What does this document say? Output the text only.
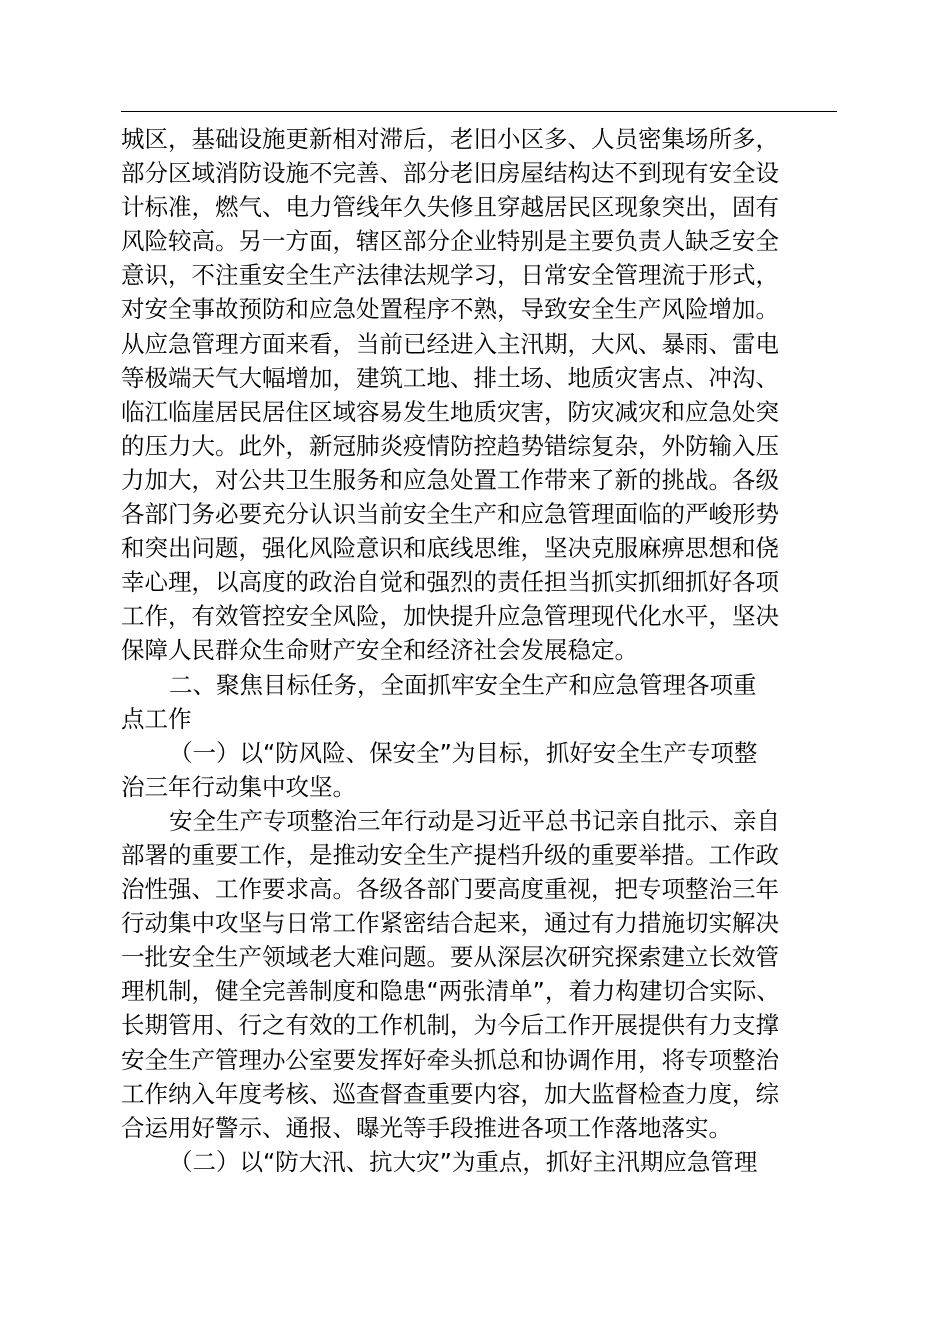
城区，基础设施更新相对滞后，老旧小区多、人员密集场所多，
部分区域消防设施不完善、部分老旧房屋结构达不到现有安全设
计标准，燃气、电力管线年久失修且穿越居民区现象突出，固有
风险较高。另一方面，辖区部分企业特别是主要负责人缺乏安全
意识，不注重安全生产法律法规学习，日常安全管理流于形式，
对安全事故预防和应急处置程序不熟，导致安全生产风险增加。
从应急管理方面来看，当前已经进入主汛期，大风、暴雨、雷电
等极端天气大幅增加，建筑工地、排土场、地质灾害点、冲沟、
临江临崖居民居住区域容易发生地质灾害，防灾减灾和应急处突
的压力大。此外，新冠肺炎疫情防控趋势错综复杂，外防输入压
力加大，对公共卫生服务和应急处置工作带来了新的挑战。各级
各部门务必要充分认识当前安全生产和应急管理面临的严峻形势
和突出问题，强化风险意识和底线思维，坚决克服麻痹思想和侥
幸心理，以高度的政治自觉和强烈的责任担当抓实抓细抓好各项
工作，有效管控安全风险，加快提升应急管理现代化水平，坚决
保障人民群众生命财产安全和经济社会发展稳定。
二、聚焦目标任务，全面抓牢安全生产和应急管理各项重
点工作
（一）以“防风险、保安全”为目标，抓好安全生产专项整
治三年行动集中攻坚。
安全生产专项整治三年行动是习近平总书记亲自批示、亲自
部署的重要工作，是推动安全生产提档升级的重要举措。工作政
治性强、工作要求高。各级各部门要高度重视，把专项整治三年
行动集中攻坚与日常工作紧密结合起来，通过有力措施切实解决
一批安全生产领域老大难问题。要从深层次研究探索建立长效管
理机制，健全完善制度和隐患“两张清单”，着力构建切合实际、
长期管用、行之有效的工作机制，为今后工作开展提供有力支撑
安全生产管理办公室要发挥好牵头抓总和协调作用，将专项整治
工作纳入年度考核、巡查督查重要内容，加大监督检查力度，综
合运用好警示、通报、曝光等手段推进各项工作落地落实。
（二）以“防大汛、抗大灾”为重点，抓好主汛期应急管理
